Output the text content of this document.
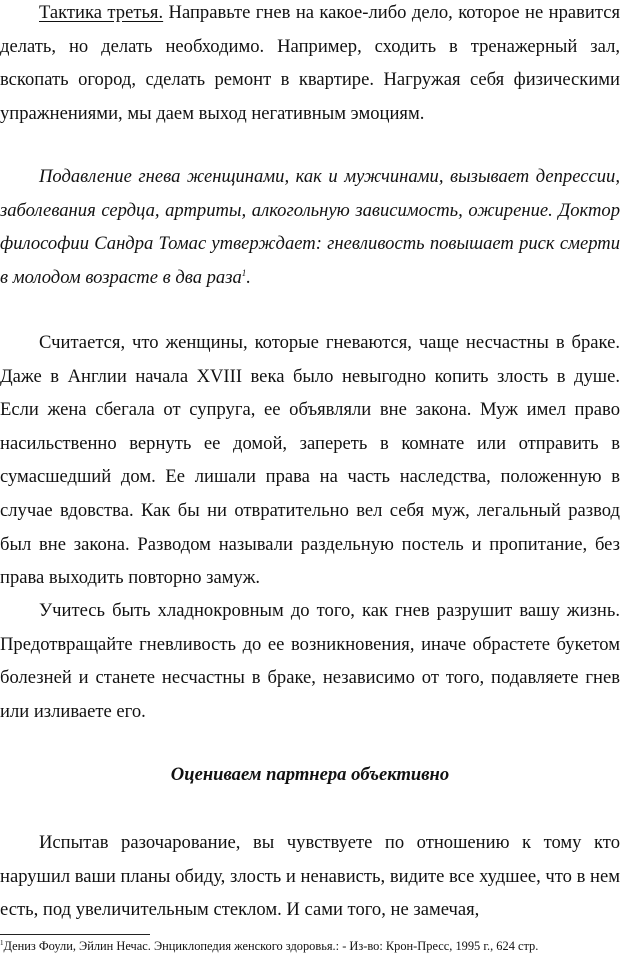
Тактика третья. Направьте гнев на какое-либо дело, которое не нравится делать, но делать необходимо. Например, сходить в тренажерный зал, вскопать огород, сделать ремонт в квартире. Нагружая себя физическими упражнениями, мы даем выход негативным эмоциям.

Подавление гнева женщинами, как и мужчинами, вызывает депрессии, заболевания сердца, артриты, алкогольную зависимость, ожирение. Доктор философии Сандра Томас утверждает: гневливость повышает риск смерти в молодом возрасте в два раза$^1$.

Считается, что женщины, которые гневаются, чаще несчастны в браке. Даже в Англии начала XVIII века было невыгодно копить злость в душе. Если жена сбегала от супруга, ее объявляли вне закона. Муж имел право насильственно вернуть ее домой, запереть в комнате или отправить в сумасшедший дом. Ее лишали права на часть наследства, положенную в случае вдовства. Как бы ни отвратительно вел себя муж, легальный развод был вне закона. Разводом называли раздельную постель и пропитание, без права выходить повторно замуж.

Учитесь быть хладнокровным до того, как гнев разрушит вашу жизнь. Предотвращайте гневливость до ее возникновения, иначе обрастете букетом болезней и станете несчастны в браке, независимо от того, подавляете гнев или изливаете его.

Оцениваем партнера объективно

Испытав разочарование, вы чувствуете по отношению к тому кто нарушил ваши планы обиду, злость и ненависть, видите все худшее, что в нем есть, под увеличительным стеклом. И сами того, не замечая,

$^1$Дениз Фоули, Эйлин Нечас. Энциклопедия женского здоровья.: - Из-во: Крон-Пресс, 1995 г., 624 стр.
